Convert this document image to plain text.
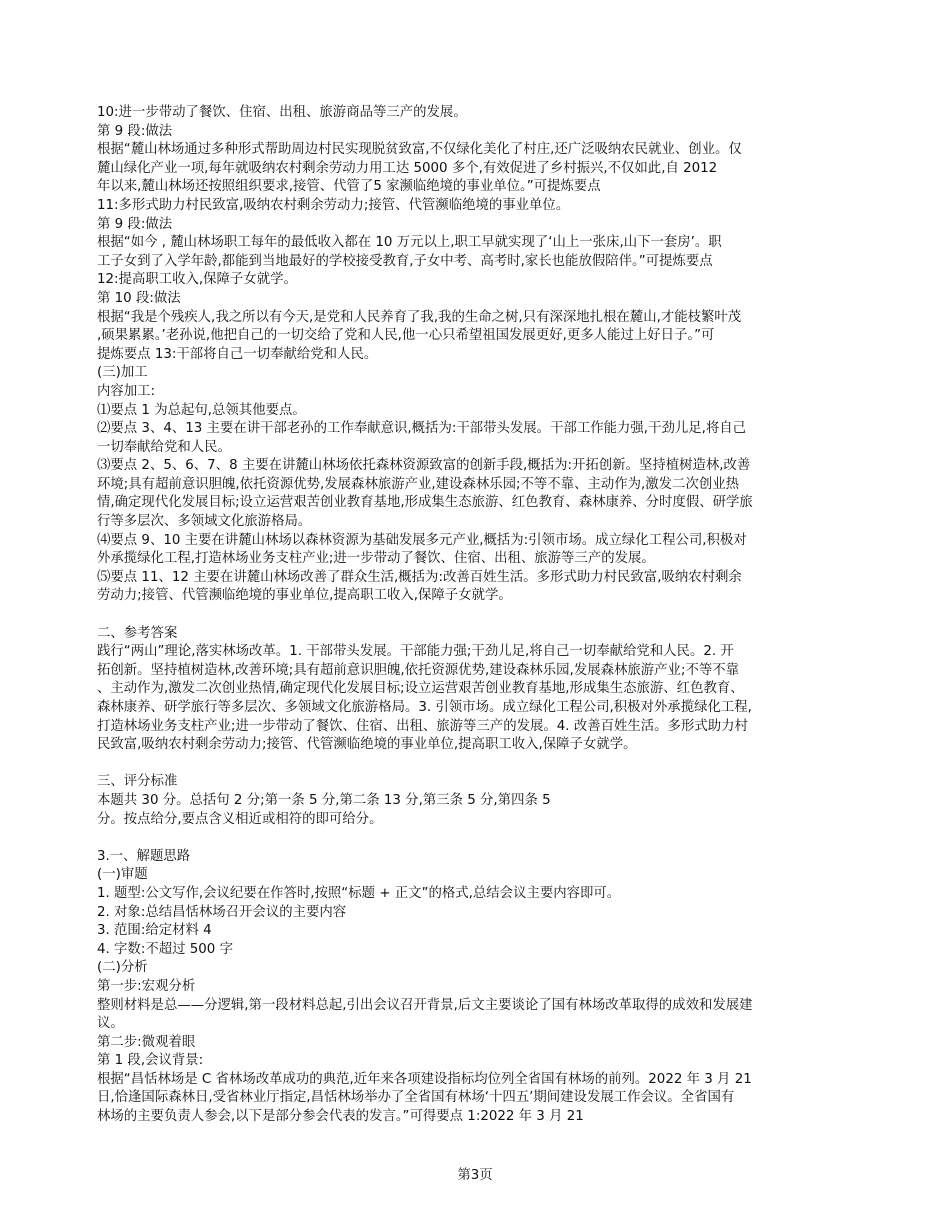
10:进一步带动了餐饮、住宿、出租、旅游商品等三产的发展。
第 9 段:做法
根据“麓山林场通过多种形式帮助周边村民实现脱贫致富,不仅绿化美化了村庄,还广泛吸纳农民就业、创业。仅
麓山绿化产业一项,每年就吸纳农村剩余劳动力用工达 5000 多个,有效促进了乡村振兴,不仅如此,自 2012
年以来,麓山林场还按照组织要求,接管、代管了5 家濒临绝境的事业单位。”可提炼要点
11:多形式助力村民致富,吸纳农村剩余劳动力;接管、代管濒临绝境的事业单位。
第 9 段:做法
根据“如今 , 麓山林场职工每年的最低收入都在 10 万元以上,职工早就实现了‘山上一张床,山下一套房’。职
工子女到了入学年龄,都能到当地最好的学校接受教育,子女中考、高考时,家长也能放假陪伴。”可提炼要点
12:提高职工收入,保障子女就学。
第 10 段:做法
根据“我是个残疾人,我之所以有今天,是党和人民养育了我,我的生命之树,只有深深地扎根在麓山,才能枝繁叶茂
,硕果累累。’老孙说,他把自己的一切交给了党和人民,他一心只希望祖国发展更好,更多人能过上好日子。”可
提炼要点 13:干部将自己一切奉献给党和人民。
(三)加工
内容加工:
⑴要点 1 为总起句,总领其他要点。
⑵要点 3、4、13 主要在讲干部老孙的工作奉献意识,概括为:干部带头发展。干部工作能力强,干劲儿足,将自己
一切奉献给党和人民。
⑶要点 2、5、6、7、8 主要在讲麓山林场依托森林资源致富的创新手段,概括为:开拓创新。坚持植树造林,改善
环境;具有超前意识胆魄,依托资源优势,发展森林旅游产业,建设森林乐园;不等不靠、主动作为,激发二次创业热
情,确定现代化发展目标;设立运营艰苦创业教育基地,形成集生态旅游、红色教育、森林康养、分时度假、研学旅
行等多层次、多领域文化旅游格局。
⑷要点 9、10 主要在讲麓山林场以森林资源为基础发展多元产业,概括为:引领市场。成立绿化工程公司,积极对
外承揽绿化工程,打造林场业务支柱产业;进一步带动了餐饮、住宿、出租、旅游等三产的发展。
⑸要点 11、12 主要在讲麓山林场改善了群众生活,概括为:改善百姓生活。多形式助力村民致富,吸纳农村剩余
劳动力;接管、代管濒临绝境的事业单位,提高职工收入,保障子女就学。
二、参考答案
践行“两山”理论,落实林场改革。1. 干部带头发展。干部能力强;干劲儿足,将自己一切奉献给党和人民。2. 开
拓创新。坚持植树造林,改善环境;具有超前意识胆魄,依托资源优势,建设森林乐园,发展森林旅游产业;不等不靠
、主动作为,激发二次创业热情,确定现代化发展目标;设立运营艰苦创业教育基地,形成集生态旅游、红色教育、
森林康养、研学旅行等多层次、多领域文化旅游格局。3. 引领市场。成立绿化工程公司,积极对外承揽绿化工程,
打造林场业务支柱产业;进一步带动了餐饮、住宿、出租、旅游等三产的发展。4. 改善百姓生活。多形式助力村
民致富,吸纳农村剩余劳动力;接管、代管濒临绝境的事业单位,提高职工收入,保障子女就学。
三、评分标准
本题共 30 分。总括句 2 分;第一条 5 分,第二条 13 分,第三条 5 分,第四条 5
分。按点给分,要点含义相近或相符的即可给分。
3.一、解题思路
(一)审题
1. 题型:公文写作,会议纪要在作答时,按照“标题 + 正文”的格式,总结会议主要内容即可。
2. 对象:总结昌恬林场召开会议的主要内容
3. 范围:给定材料 4
4. 字数:不超过 500 字
(二)分析
第一步:宏观分析
整则材料是总——分逻辑,第一段材料总起,引出会议召开背景,后文主要谈论了国有林场改革取得的成效和发展建
议。
第二步:微观着眼
第 1 段,会议背景:
根据“昌恬林场是 C 省林场改革成功的典范,近年来各项建设指标均位列全省国有林场的前列。2022 年 3 月 21
日,恰逢国际森林日,受省林业厅指定,昌恬林场举办了全省国有林场‘十四五’期间建设发展工作会议。全省国有
林场的主要负责人参会,以下是部分参会代表的发言。”可得要点 1:2022 年 3 月 21
第3页
